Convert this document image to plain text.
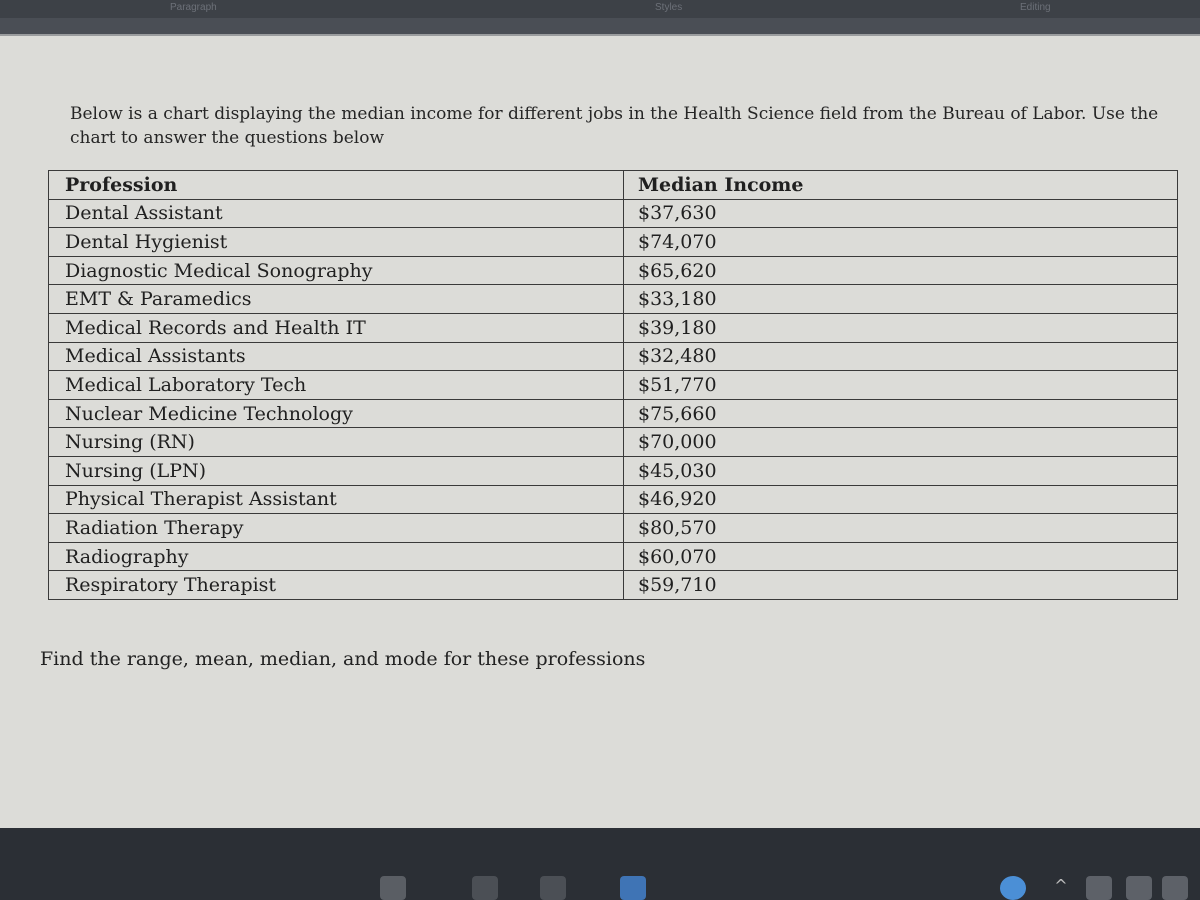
Paragraph	Styles	Editing

Below is a chart displaying the median income for different jobs in the Health Science field from the Bureau of Labor. Use the chart to answer the questions below

Profession	Median Income
Dental Assistant	$37,630
Dental Hygienist	$74,070
Diagnostic Medical Sonography	$65,620
EMT & Paramedics	$33,180
Medical Records and Health IT	$39,180
Medical Assistants	$32,480
Medical Laboratory Tech	$51,770
Nuclear Medicine Technology	$75,660
Nursing (RN)	$70,000
Nursing (LPN)	$45,030
Physical Therapist Assistant	$46,920
Radiation Therapy	$80,570
Radiography	$60,070
Respiratory Therapist	$59,710

Find the range, mean, median, and mode for these professions

^
